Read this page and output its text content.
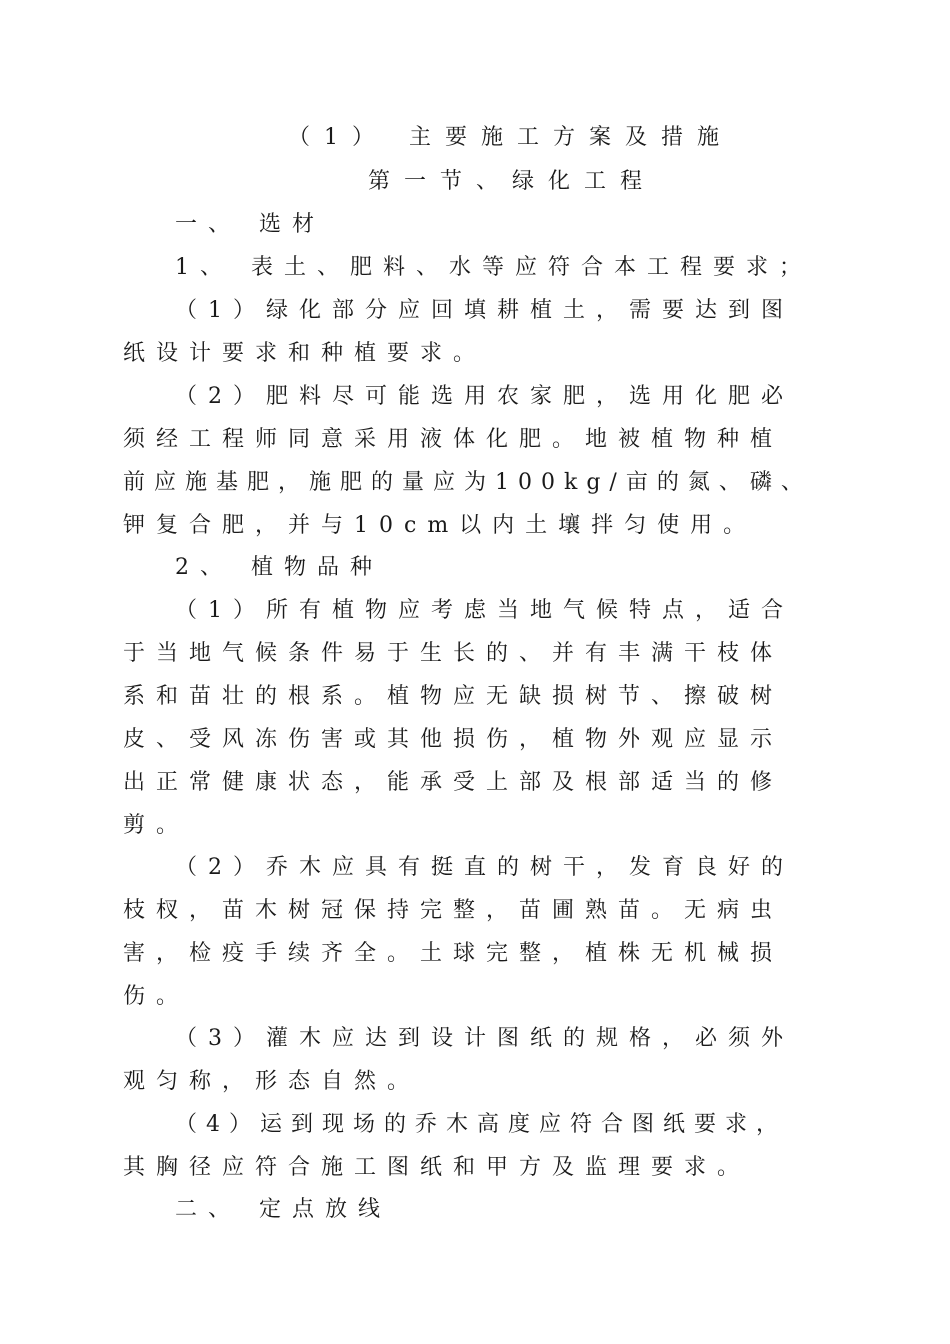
（1） 主要施工方案及措施
第一节、绿化工程
一、 选材
1、 表土、肥料、水等应符合本工程要求；
（1）绿化部分应回填耕植土，需要达到图
纸设计要求和种植要求。
（2）肥料尽可能选用农家肥，选用化肥必
须经工程师同意采用液体化肥。地被植物种植
前应施基肥，施肥的量应为100kg/亩的氮、磷、
钾复合肥，并与10cm以内土壤拌匀使用。
2、 植物品种
（1）所有植物应考虑当地气候特点，适合
于当地气候条件易于生长的、并有丰满干枝体
系和苗壮的根系。植物应无缺损树节、擦破树
皮、受风冻伤害或其他损伤，植物外观应显示
出正常健康状态，能承受上部及根部适当的修
剪。
（2）乔木应具有挺直的树干，发育良好的
枝杈，苗木树冠保持完整，苗圃熟苗。无病虫
害，检疫手续齐全。土球完整，植株无机械损
伤。
（3）灌木应达到设计图纸的规格，必须外
观匀称，形态自然。
（4）运到现场的乔木高度应符合图纸要求，
其胸径应符合施工图纸和甲方及监理要求。
二、 定点放线
